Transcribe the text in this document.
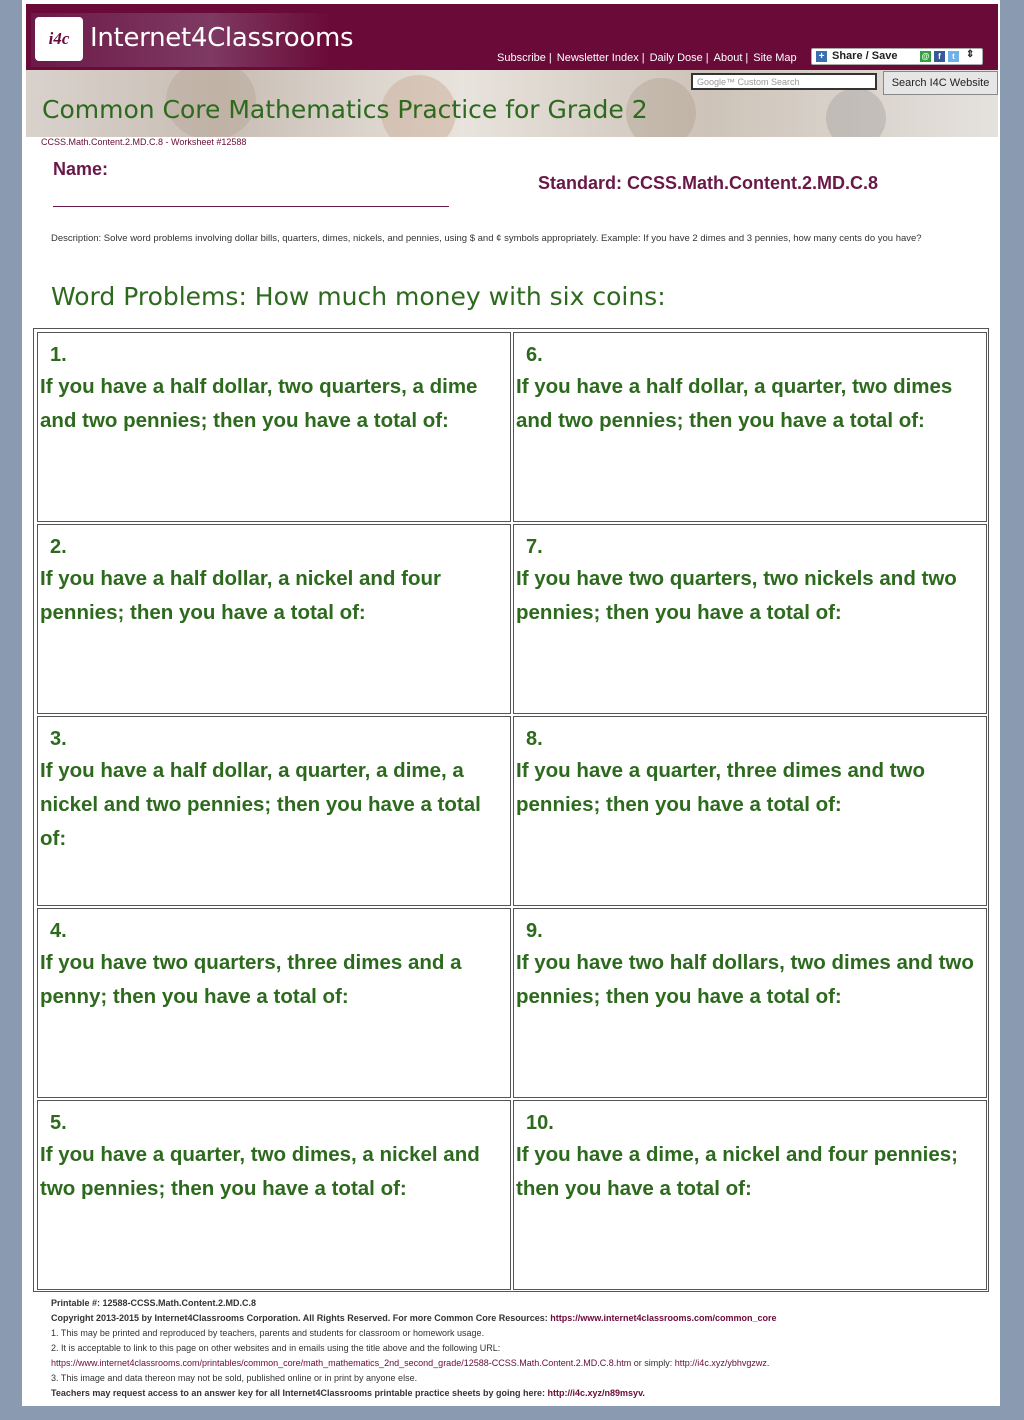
i4c Internet4Classrooms
Subscribe | Newsletter Index | Daily Dose | About | Site Map + Share / Save	@	f	t	⇕
Common Core Mathematics Practice for Grade 2
Google™ Custom Search	Search I4C Website
CCSS.Math.Content.2.MD.C.8 - Worksheet #12588
Name:
Standard: CCSS.Math.Content.2.MD.C.8
Description: Solve word problems involving dollar bills, quarters, dimes, nickels, and pennies, using $ and ¢ symbols appropriately. Example: If you have 2 dimes and 3 pennies, how many cents do you have?
Word Problems: How much money with six coins:
1.
If you have a half dollar, two quarters, a dime and two pennies; then you have a total of:
2.
If you have a half dollar, a nickel and four pennies; then you have a total of:
3.
If you have a half dollar, a quarter, a dime, a nickel and two pennies; then you have a total of:
4.
If you have two quarters, three dimes and a penny; then you have a total of:
5.
If you have a quarter, two dimes, a nickel and two pennies; then you have a total of:
6.
If you have a half dollar, a quarter, two dimes and two pennies; then you have a total of:
7.
If you have two quarters, two nickels and two pennies; then you have a total of:
8.
If you have a quarter, three dimes and two pennies; then you have a total of:
9.
If you have two half dollars, two dimes and two pennies; then you have a total of:
10.
If you have a dime, a nickel and four pennies; then you have a total of:
Printable #: 12588-CCSS.Math.Content.2.MD.C.8
Copyright 2013-2015 by Internet4Classrooms Corporation. All Rights Reserved. For more Common Core Resources: https://www.internet4classrooms.com/common_core
1. This may be printed and reproduced by teachers, parents and students for classroom or homework usage.
2. It is acceptable to link to this page on other websites and in emails using the title above and the following URL:
https://www.internet4classrooms.com/printables/common_core/math_mathematics_2nd_second_grade/12588-CCSS.Math.Content.2.MD.C.8.htm or simply: http://i4c.xyz/ybhvgzwz.
3. This image and data thereon may not be sold, published online or in print by anyone else.
Teachers may request access to an answer key for all Internet4Classrooms printable practice sheets by going here: http://i4c.xyz/n89msyv.
